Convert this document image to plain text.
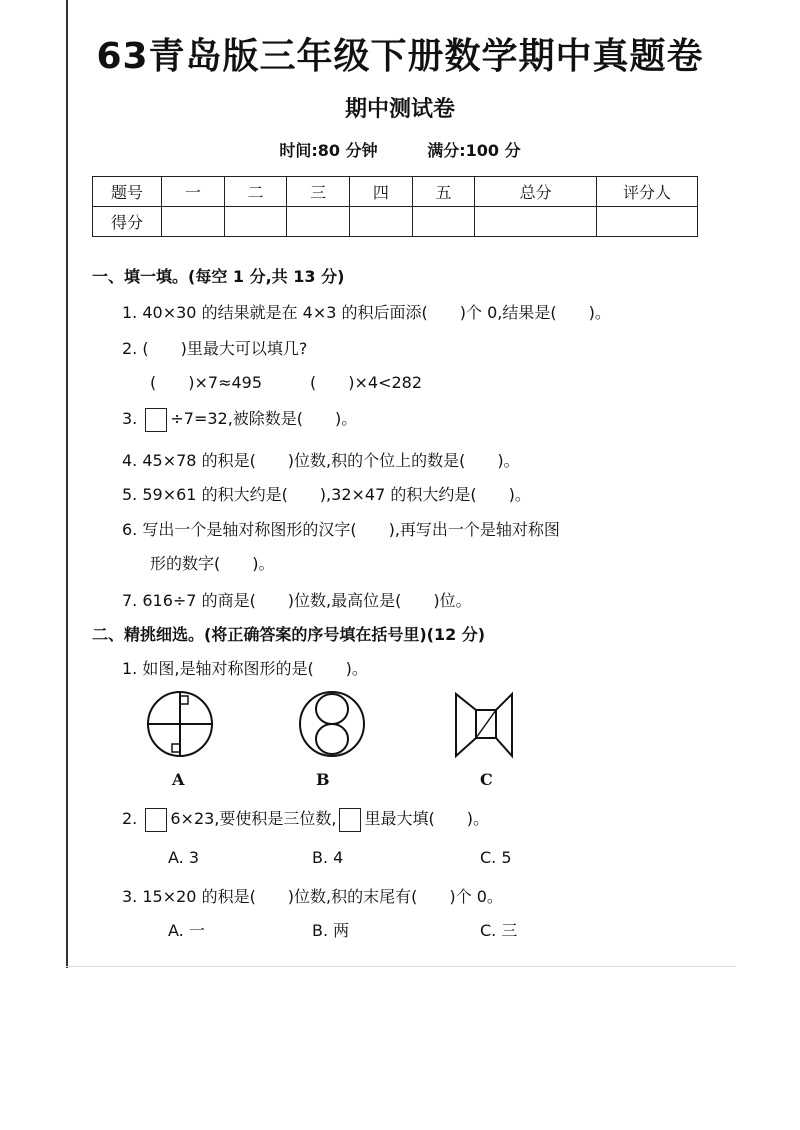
63青岛版三年级下册数学期中真题卷
期中测试卷
时间:80 分钟	满分:100 分
题号	一	二	三	四	五	总分	评分人
得分							
一、填一填。(每空 1 分,共 13 分)
1. 40×30 的结果就是在 4×3 的积后面添(　　)个 0,结果是(　　)。
2. (　　)里最大可以填几?
(　　)×7≈495　　　(　　)×4<282
3. ÷7=32,被除数是(　　)。
4. 45×78 的积是(　　)位数,积的个位上的数是(　　)。
5. 59×61 的积大约是(　　),32×47 的积大约是(　　)。
6. 写出一个是轴对称图形的汉字(　　),再写出一个是轴对称图
形的数字(　　)。
7. 616÷7 的商是(　　)位数,最高位是(　　)位。
二、精挑细选。(将正确答案的序号填在括号里)(12 分)
1. 如图,是轴对称图形的是(　　)。
A	B	C
2. 6×23,要使积是三位数, 里最大填(　　)。
A. 3	B. 4	C. 5
3. 15×20 的积是(　　)位数,积的末尾有(　　)个 0。
A. 一	B. 两	C. 三
